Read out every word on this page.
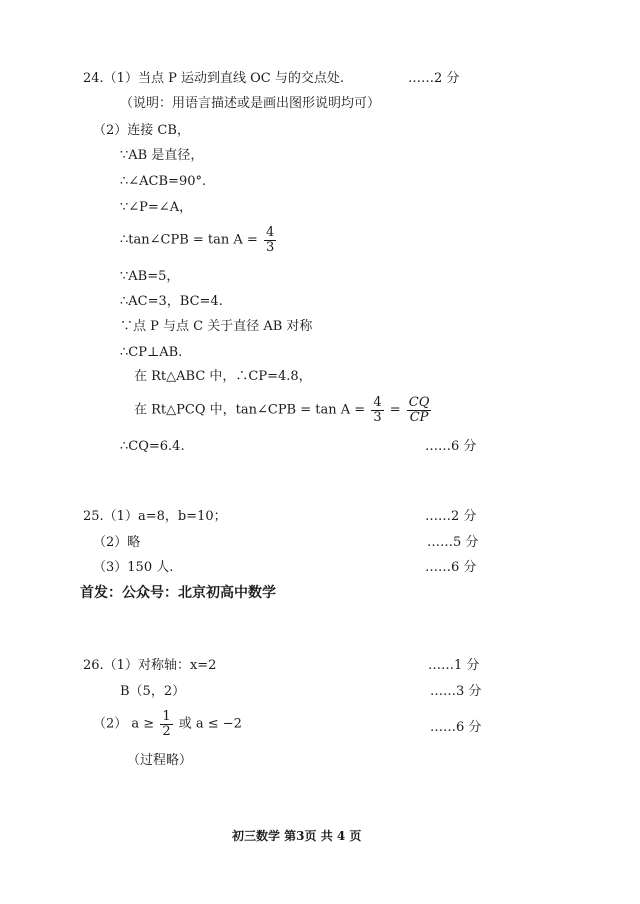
24.（1）当点 P 运动到直线 OC 与的交点处.	……2 分
（说明：用语言描述或是画出图形说明均可）
（2）连接 CB，
∵AB 是直径，
∴∠ACB=90°.
∵∠P=∠A，
∴tan∠CPB = $\tan A = \frac{4}{3}$
∵AB=5，
∴AC=3，BC=4.
∵点 P 与点 C 关于直径 AB 对称
∴CP⊥AB.
在 Rt△ABC 中，∴CP=4.8，
在 Rt△PCQ 中，tan∠CPB = $\tan A = \frac{4}{3} = \frac{CQ}{CP}$
∴CQ=6.4.	……6 分
25.（1）a=8，b=10；	……2 分
（2）略	……5 分
（3）150 人.	……6 分
首发：公众号：北京初高中数学
26.（1）对称轴：x=2	……1 分
B（5，2）	……3 分
（2） $a \ge \frac{1}{2}$ 或 a ≤ −2	……6 分
（过程略）
初三数学 第3页 共 4 页
